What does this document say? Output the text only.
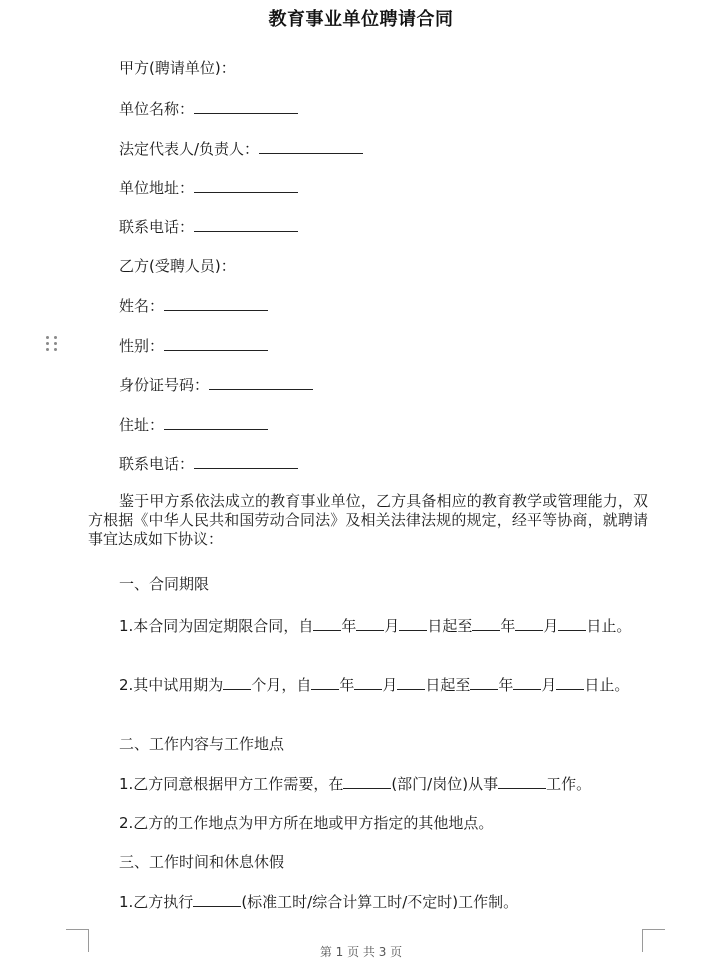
教育事业单位聘请合同
甲方(聘请单位)：
单位名称：
法定代表人/负责人：
单位地址：
联系电话：
乙方(受聘人员)：
姓名：
性别：
身份证号码：
住址：
联系电话：
鉴于甲方系依法成立的教育事业单位，乙方具备相应的教育教学或管理能力，双方根据《中华人民共和国劳动合同法》及相关法律法规的规定，经平等协商，就聘请事宜达成如下协议：
一、合同期限
1.本合同为固定期限合同，自 年 月 日起至 年 月 日止。
2.其中试用期为 个月，自 年 月 日起至 年 月 日止。
二、工作内容与工作地点
1.乙方同意根据甲方工作需要，在	(部门/岗位)从事	工作。
2.乙方的工作地点为甲方所在地或甲方指定的其他地点。
三、工作时间和休息休假
1.乙方执行	(标准工时/综合计算工时/不定时)工作制。
第 1 页 共 3 页
